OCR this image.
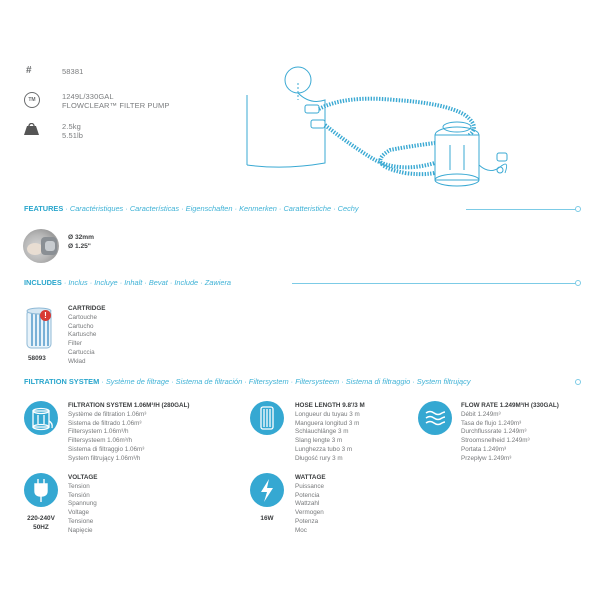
#	58381
TM	1249L/330GAL
FLOWCLEAR™ FILTER PUMP
2.5kg
5.51lb
FEATURES · Caractéristiques · Características · Eigenschaften · Kenmerken · Caratteristiche · Cechy
Ø 32mm
Ø 1.25"
INCLUDES · Inclus · Incluye · Inhalt · Bevat · Include · Zawiera
!
58093
CARTRIDGE
Cartouche
Cartucho
Kartusche
Filter
Cartuccia
Wkład
FILTRATION SYSTEM · Système de filtrage · Sistema de filtración · Filtersystem · Filtersysteem · Sistema di filtraggio · System filtrujący
FILTRATION SYSTEM 1.06M³/H (280GAL)
Système de filtration 1.06m³
Sistema de filtrado 1.06m³
Filtersystem 1.06m³/h
Filtersysteem 1.06m³/h
Sistema di filtraggio 1.06m³
System filtrujący 1.06m³/h
HOSE LENGTH 9.8'/3 M
Longueur du tuyau 3 m
Manguera longitud 3 m
Schlauchlänge 3 m
Slang lengte 3 m
Lunghezza tubo 3 m
Długość rury 3 m
FLOW RATE 1.249M³/H (330GAL)
Débit 1.249m³
Tasa de flujo 1.249m³
Durchflussrate 1.249m³
Stroomsnelheid 1.249m³
Portata 1.249m³
Przepływ 1.249m³
220-240V
50HZ
VOLTAGE
Tension
Tensión
Spannung
Voltage
Tensione
Napięcie
16W
WATTAGE
Puissance
Potencia
Wattzahl
Vermogen
Potenza
Moc
